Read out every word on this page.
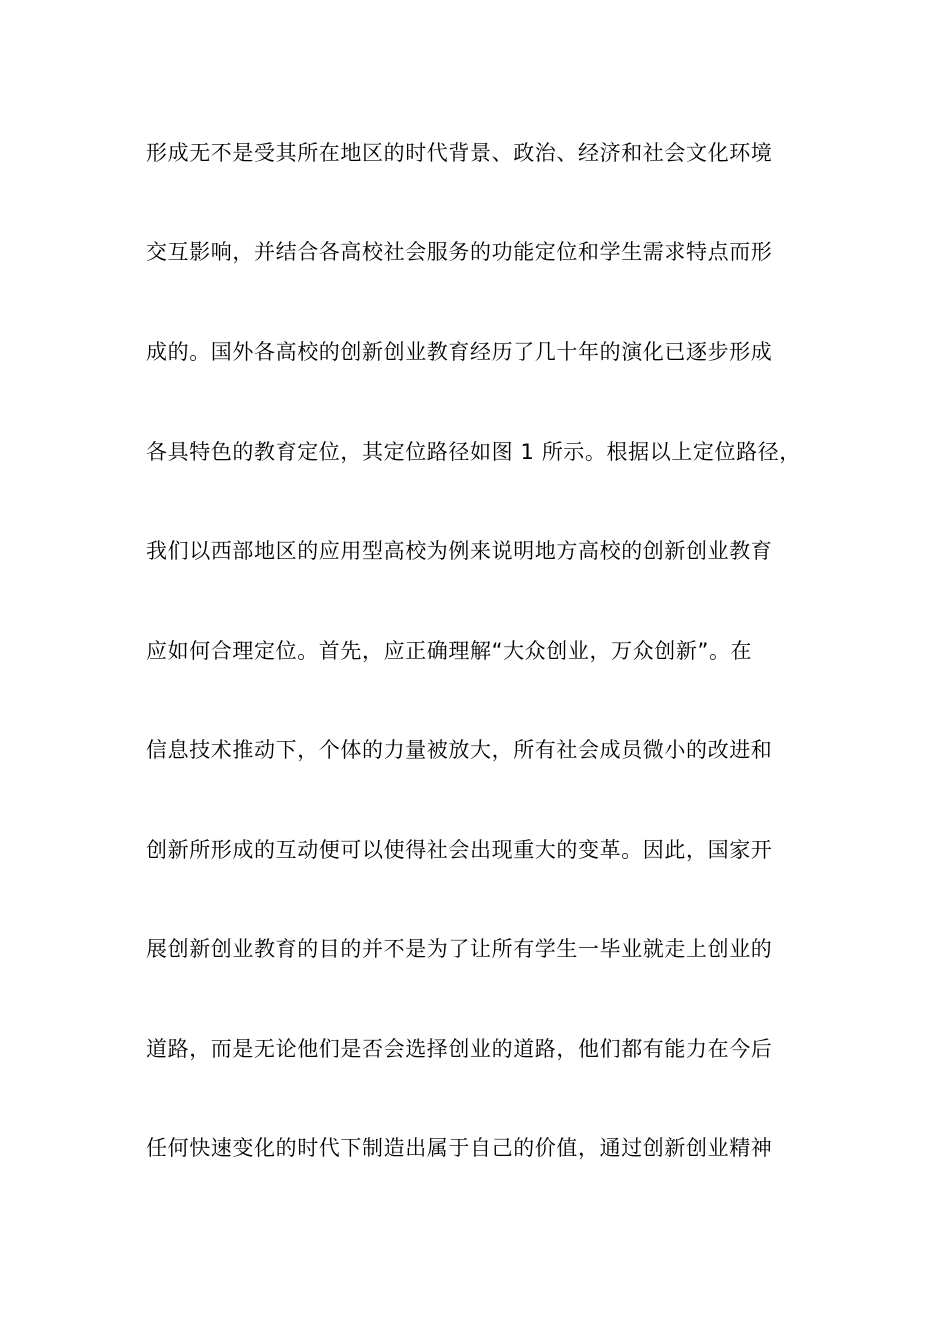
形成无不是受其所在地区的时代背景、政治、经济和社会文化环境
交互影响，并结合各高校社会服务的功能定位和学生需求特点而形
成的。国外各高校的创新创业教育经历了几十年的演化已逐步形成
各具特色的教育定位，其定位路径如图 1 所示。根据以上定位路径，
我们以西部地区的应用型高校为例来说明地方高校的创新创业教育
应如何合理定位。首先，应正确理解“大众创业，万众创新”。在
信息技术推动下，个体的力量被放大，所有社会成员微小的改进和
创新所形成的互动便可以使得社会出现重大的变革。因此，国家开
展创新创业教育的目的并不是为了让所有学生一毕业就走上创业的
道路，而是无论他们是否会选择创业的道路，他们都有能力在今后
任何快速变化的时代下制造出属于自己的价值，通过创新创业精神
